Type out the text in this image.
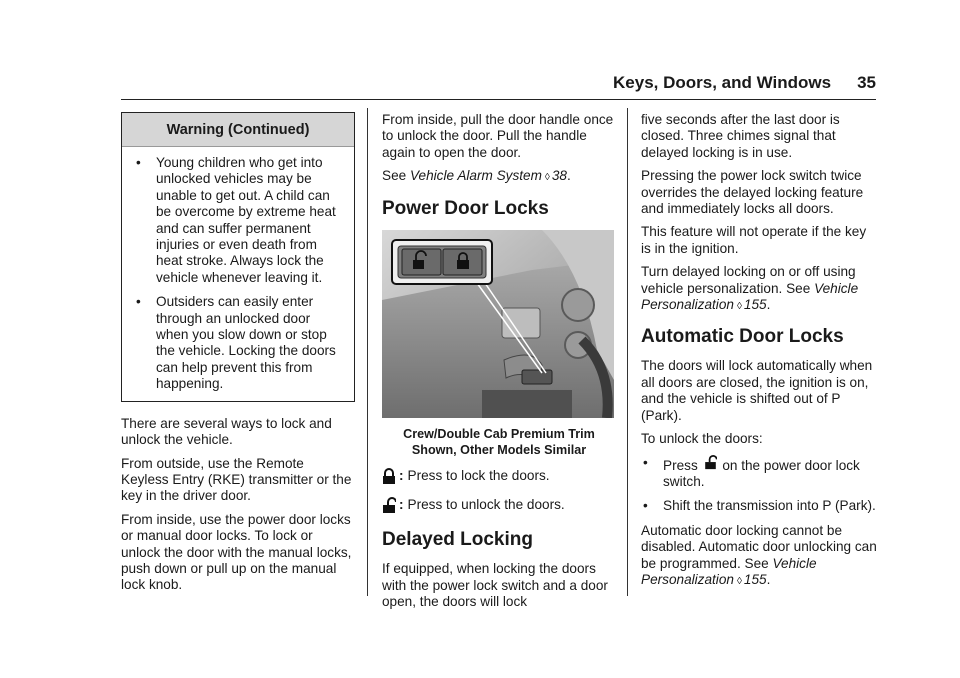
Keys, Doors, and Windows 35
Warning (Continued)
• Young children who get into unlocked vehicles may be unable to get out. A child can be overcome by extreme heat and can suffer permanent injuries or even death from heat stroke. Always lock the vehicle whenever leaving it.
• Outsiders can easily enter through an unlocked door when you slow down or stop the vehicle. Locking the doors can help prevent this from happening.

There are several ways to lock and unlock the vehicle.

From outside, use the Remote Keyless Entry (RKE) transmitter or the key in the driver door.

From inside, use the power door locks or manual door locks. To lock or unlock the door with the manual locks, push down or pull up on the manual lock knob.

From inside, pull the door handle once to unlock the door. Pull the handle again to open the door.

See Vehicle Alarm System ◊ 38.

Power Door Locks
Crew/Double Cab Premium Trim
Shown, Other Models Similar
: Press to lock the doors.
: Press to unlock the doors.
Delayed Locking

If equipped, when locking the doors with the power lock switch and a door open, the doors will lock

five seconds after the last door is closed. Three chimes signal that delayed locking is in use.

Pressing the power lock switch twice overrides the delayed locking feature and immediately locks all doors.

This feature will not operate if the key is in the ignition.

Turn delayed locking on or off using vehicle personalization. See Vehicle Personalization ◊ 155.

Automatic Door Locks

The doors will lock automatically when all doors are closed, the ignition is on, and the vehicle is shifted out of P (Park).

To unlock the doors:

• Press on the power door lock switch.
• Shift the transmission into P (Park).

Automatic door locking cannot be disabled. Automatic door unlocking can be programmed. See Vehicle Personalization ◊ 155.
